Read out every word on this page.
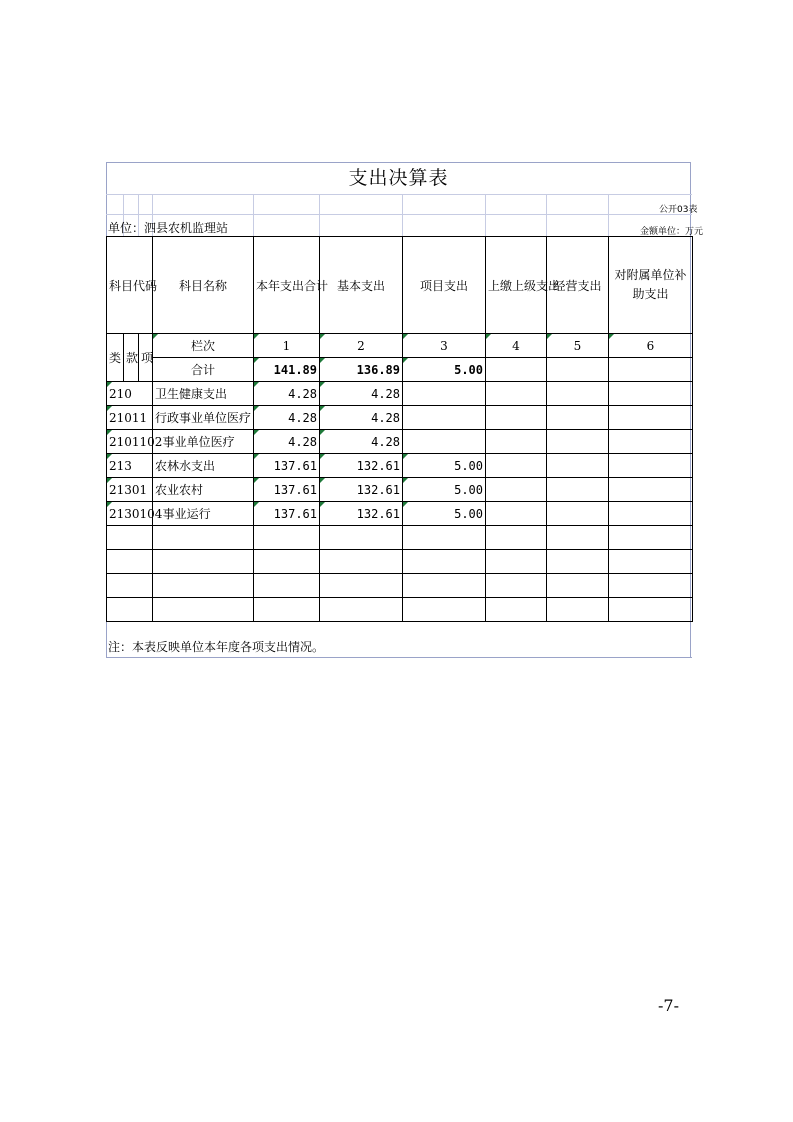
支出决算表
公开03表
单位：泗县农机监理站	金额单位：万元
科目代码			科目名称	本年支出合计	基本支出	项目支出	上缴上级支出	经营支出	对附属单位补助支出
类	款	项	栏次	1	2	3	4	5	6
			合计	141.89	136.89	5.00			
210			卫生健康支出	4.28	4.28				
21011			行政事业单位医疗	4.28	4.28				
2101102			事业单位医疗	4.28	4.28				
213			农林水支出	137.61	132.61	5.00			
21301			农业农村	137.61	132.61	5.00			
2130104			事业运行	137.61	132.61	5.00			

注：本表反映单位本年度各项支出情况。
-7-
